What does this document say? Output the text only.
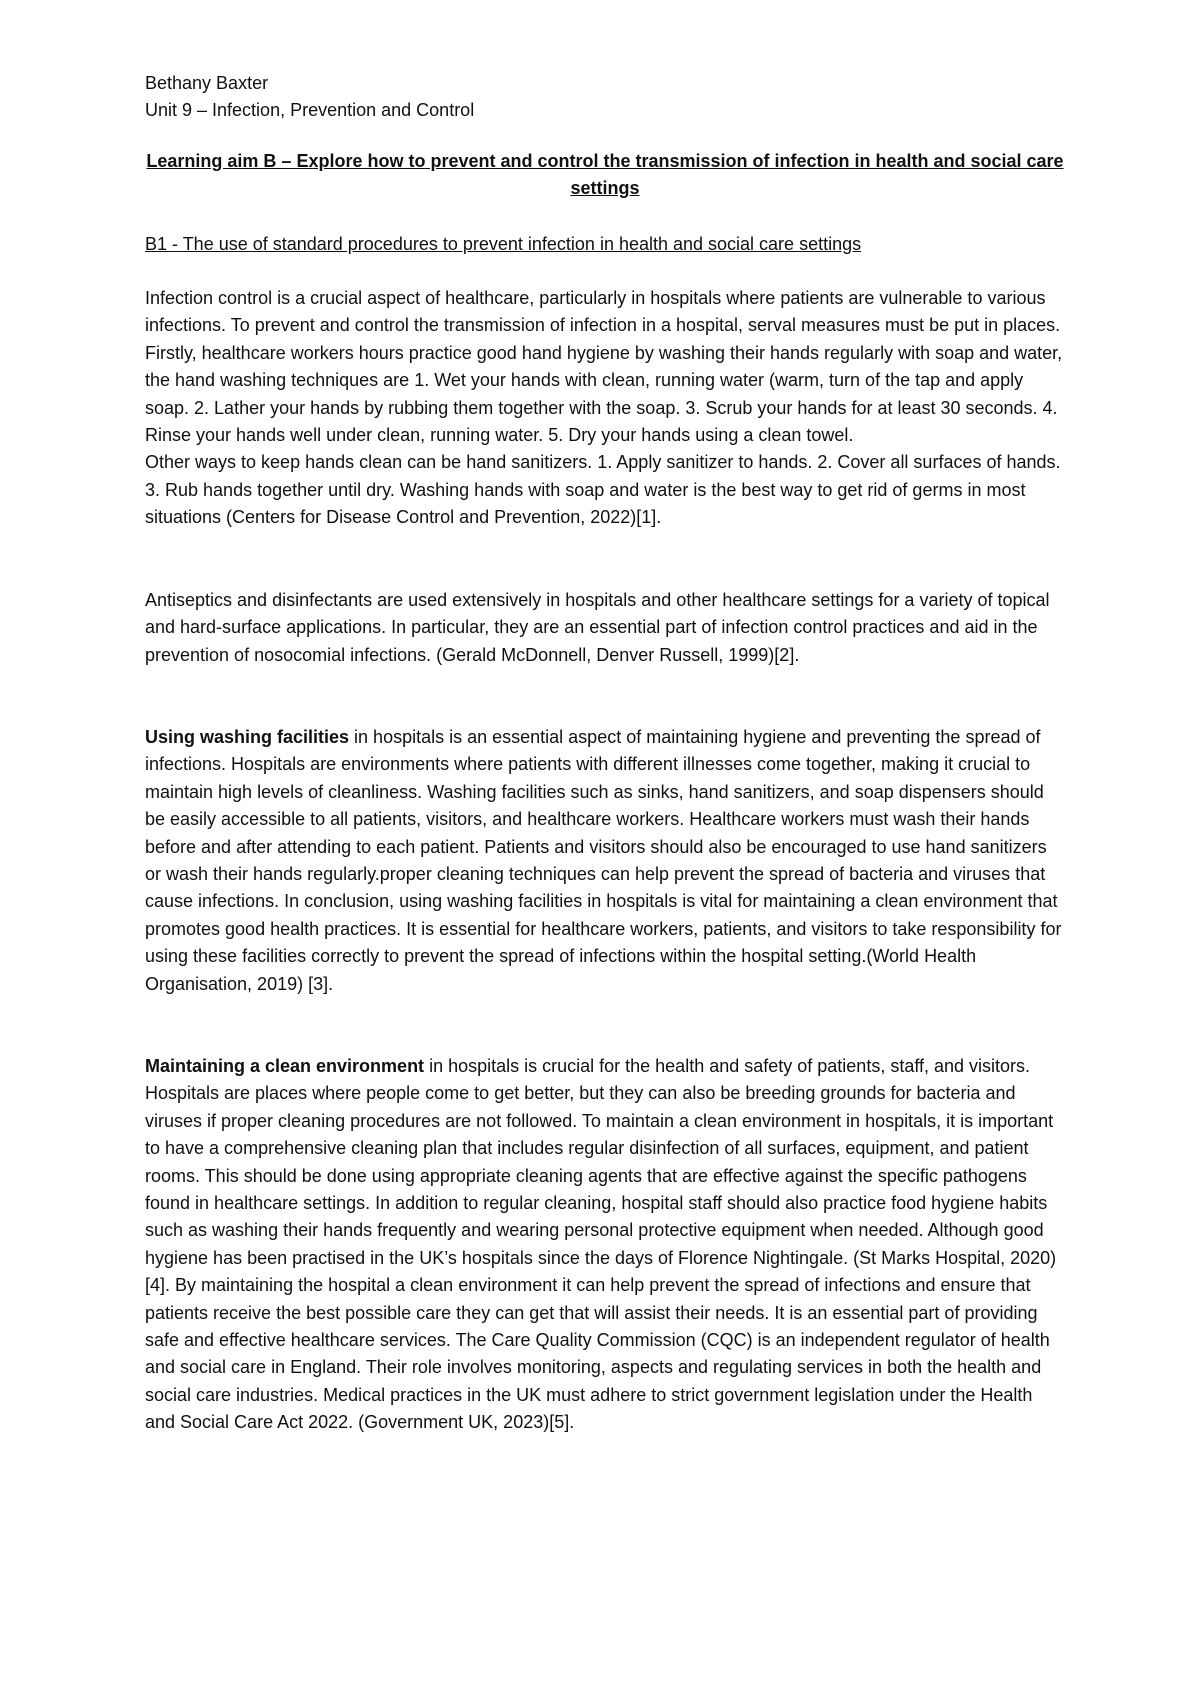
Bethany Baxter

Unit 9 – Infection, Prevention and Control

Learning aim B – Explore how to prevent and control the transmission of infection in health and social care settings

B1 - The use of standard procedures to prevent infection in health and social care settings

Infection control is a crucial aspect of healthcare, particularly in hospitals where patients are vulnerable to various infections. To prevent and control the transmission of infection in a hospital, serval measures must be put in places. Firstly, healthcare workers hours practice good hand hygiene by washing their hands regularly with soap and water, the hand washing techniques are 1. Wet your hands with clean, running water (warm, turn of the tap and apply soap. 2. Lather your hands by rubbing them together with the soap. 3. Scrub your hands for at least 30 seconds. 4. Rinse your hands well under clean, running water. 5. Dry your hands using a clean towel.

Other ways to keep hands clean can be hand sanitizers. 1. Apply sanitizer to hands. 2. Cover all surfaces of hands. 3. Rub hands together until dry. Washing hands with soap and water is the best way to get rid of germs in most situations (Centers for Disease Control and Prevention, 2022)[1].

Antiseptics and disinfectants are used extensively in hospitals and other healthcare settings for a variety of topical and hard-surface applications. In particular, they are an essential part of infection control practices and aid in the prevention of nosocomial infections. (Gerald McDonnell, Denver Russell, 1999)[2].

Using washing facilities in hospitals is an essential aspect of maintaining hygiene and preventing the spread of infections. Hospitals are environments where patients with different illnesses come together, making it crucial to maintain high levels of cleanliness. Washing facilities such as sinks, hand sanitizers, and soap dispensers should be easily accessible to all patients, visitors, and healthcare workers. Healthcare workers must wash their hands before and after attending to each patient. Patients and visitors should also be encouraged to use hand sanitizers or wash their hands regularly.proper cleaning techniques can help prevent the spread of bacteria and viruses that cause infections. In conclusion, using washing facilities in hospitals is vital for maintaining a clean environment that promotes good health practices. It is essential for healthcare workers, patients, and visitors to take responsibility for using these facilities correctly to prevent the spread of infections within the hospital setting.(World Health Organisation, 2019) [3].

Maintaining a clean environment in hospitals is crucial for the health and safety of patients, staff, and visitors. Hospitals are places where people come to get better, but they can also be breeding grounds for bacteria and viruses if proper cleaning procedures are not followed. To maintain a clean environment in hospitals, it is important to have a comprehensive cleaning plan that includes regular disinfection of all surfaces, equipment, and patient rooms. This should be done using appropriate cleaning agents that are effective against the specific pathogens found in healthcare settings. In addition to regular cleaning, hospital staff should also practice food hygiene habits such as washing their hands frequently and wearing personal protective equipment when needed. Although good hygiene has been practised in the UK’s hospitals since the days of Florence Nightingale. (St Marks Hospital, 2020)[4]. By maintaining the hospital a clean environment it can help prevent the spread of infections and ensure that patients receive the best possible care they can get that will assist their needs. It is an essential part of providing safe and effective healthcare services. The Care Quality Commission (CQC) is an independent regulator of health and social care in England. Their role involves monitoring, aspects and regulating services in both the health and social care industries. Medical practices in the UK must adhere to strict government legislation under the Health and Social Care Act 2022. (Government UK, 2023)[5].
